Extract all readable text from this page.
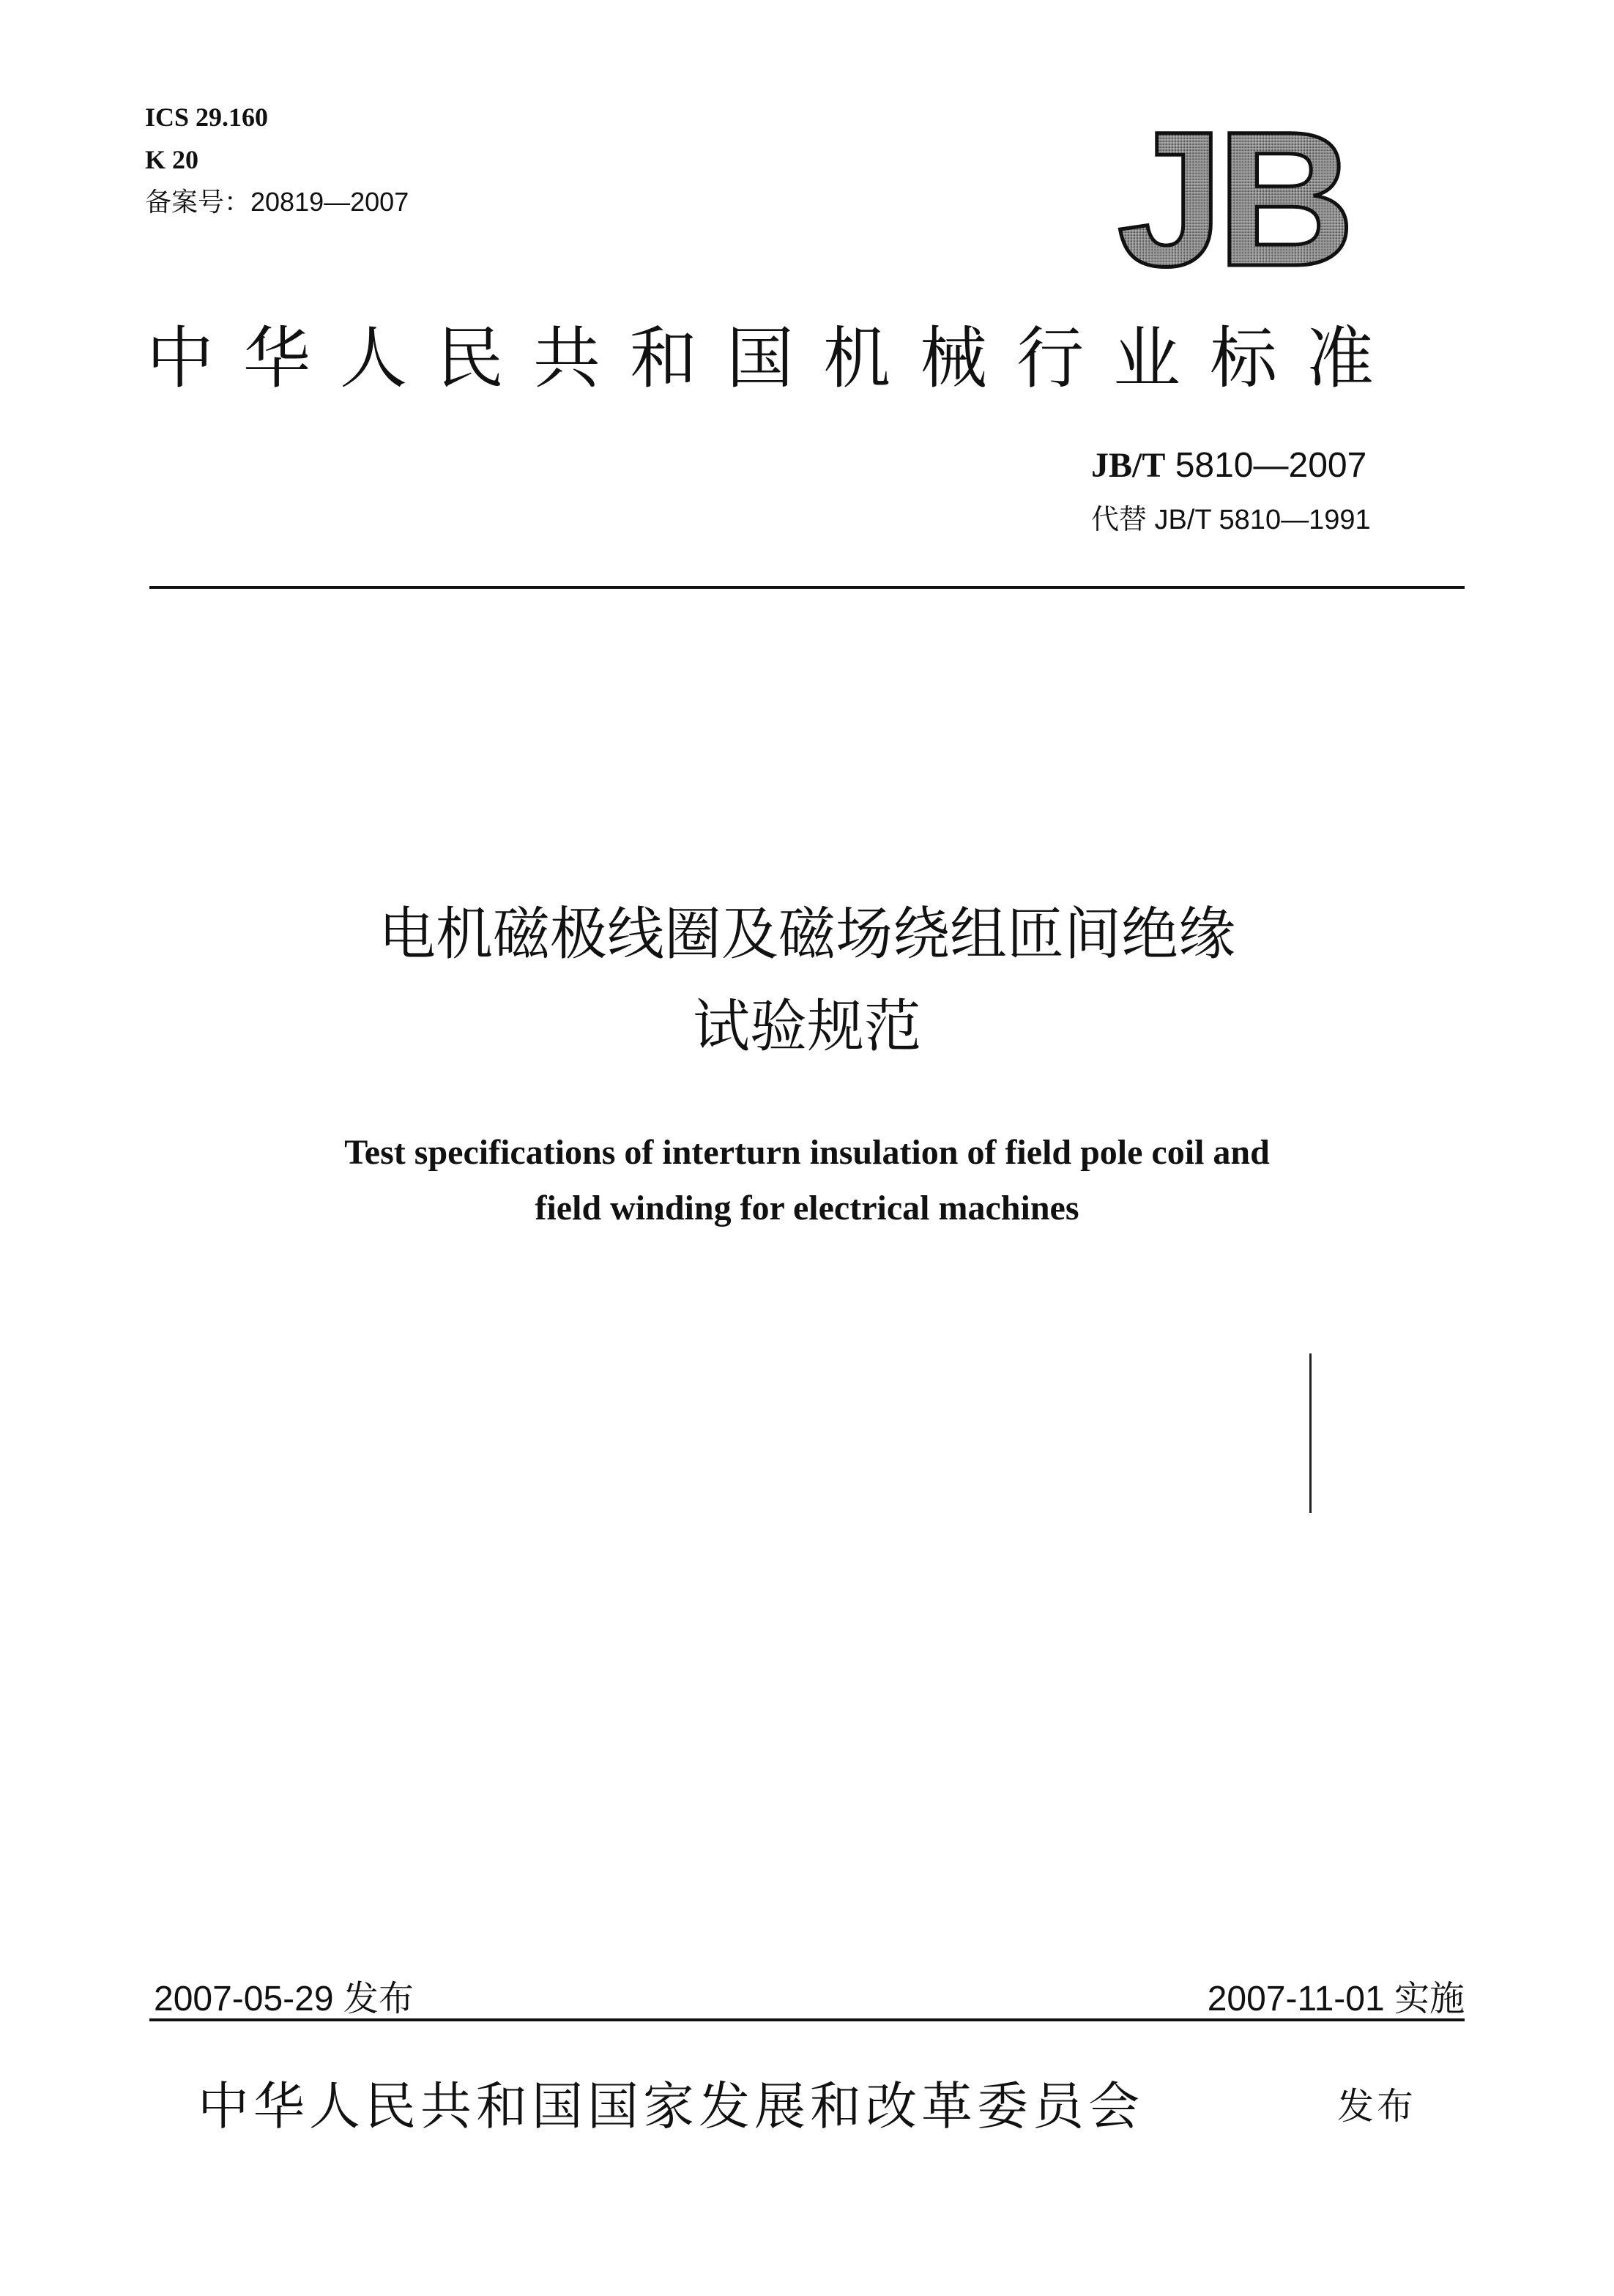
ICS 29.160
K 20
备案号：20819—2007	JB
中华人民共和国机械行业标准
JB/T 5810—2007
代替 JB/T 5810—1991
电机磁极线圈及磁场绕组匝间绝缘
试验规范
Test specifications of interturn insulation of field pole coil and
field winding for electrical machines
2007-05-29 发布	2007-11-01 实施
中华人民共和国国家发展和改革委员会	发布
